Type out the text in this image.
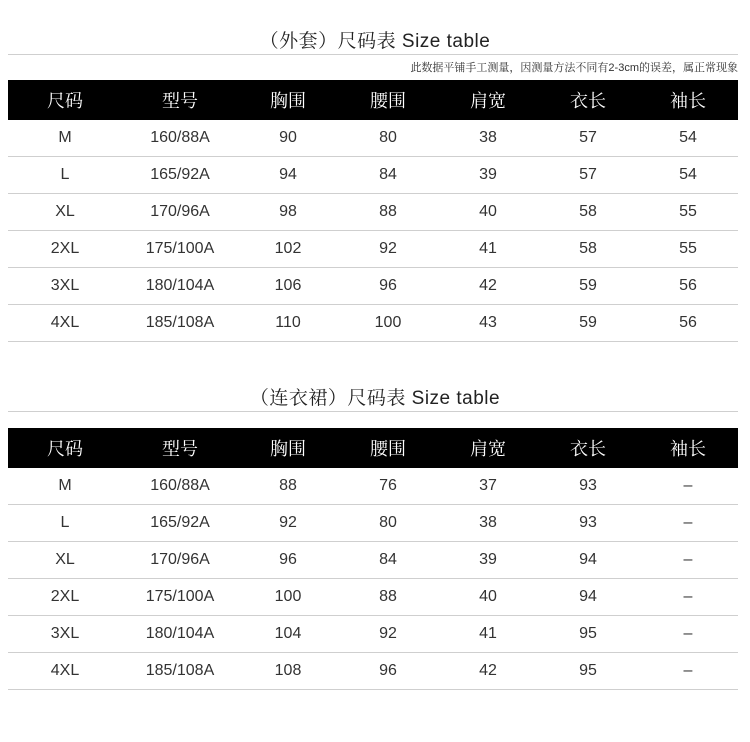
（外套）尺码表 Size table
此数据平铺手工测量，因测量方法不同有2-3cm的误差，属正常现象
尺码	型号	胸围	腰围	肩宽	衣长	袖长
M	160/88A	90	80	38	57	54
L	165/92A	94	84	39	57	54
XL	170/96A	98	88	40	58	55
2XL	175/100A	102	92	41	58	55
3XL	180/104A	106	96	42	59	56
4XL	185/108A	110	100	43	59	56
（连衣裙）尺码表 Size table
尺码	型号	胸围	腰围	肩宽	衣长	袖长
M	160/88A	88	76	37	93	–
L	165/92A	92	80	38	93	–
XL	170/96A	96	84	39	94	–
2XL	175/100A	100	88	40	94	–
3XL	180/104A	104	92	41	95	–
4XL	185/108A	108	96	42	95	–
